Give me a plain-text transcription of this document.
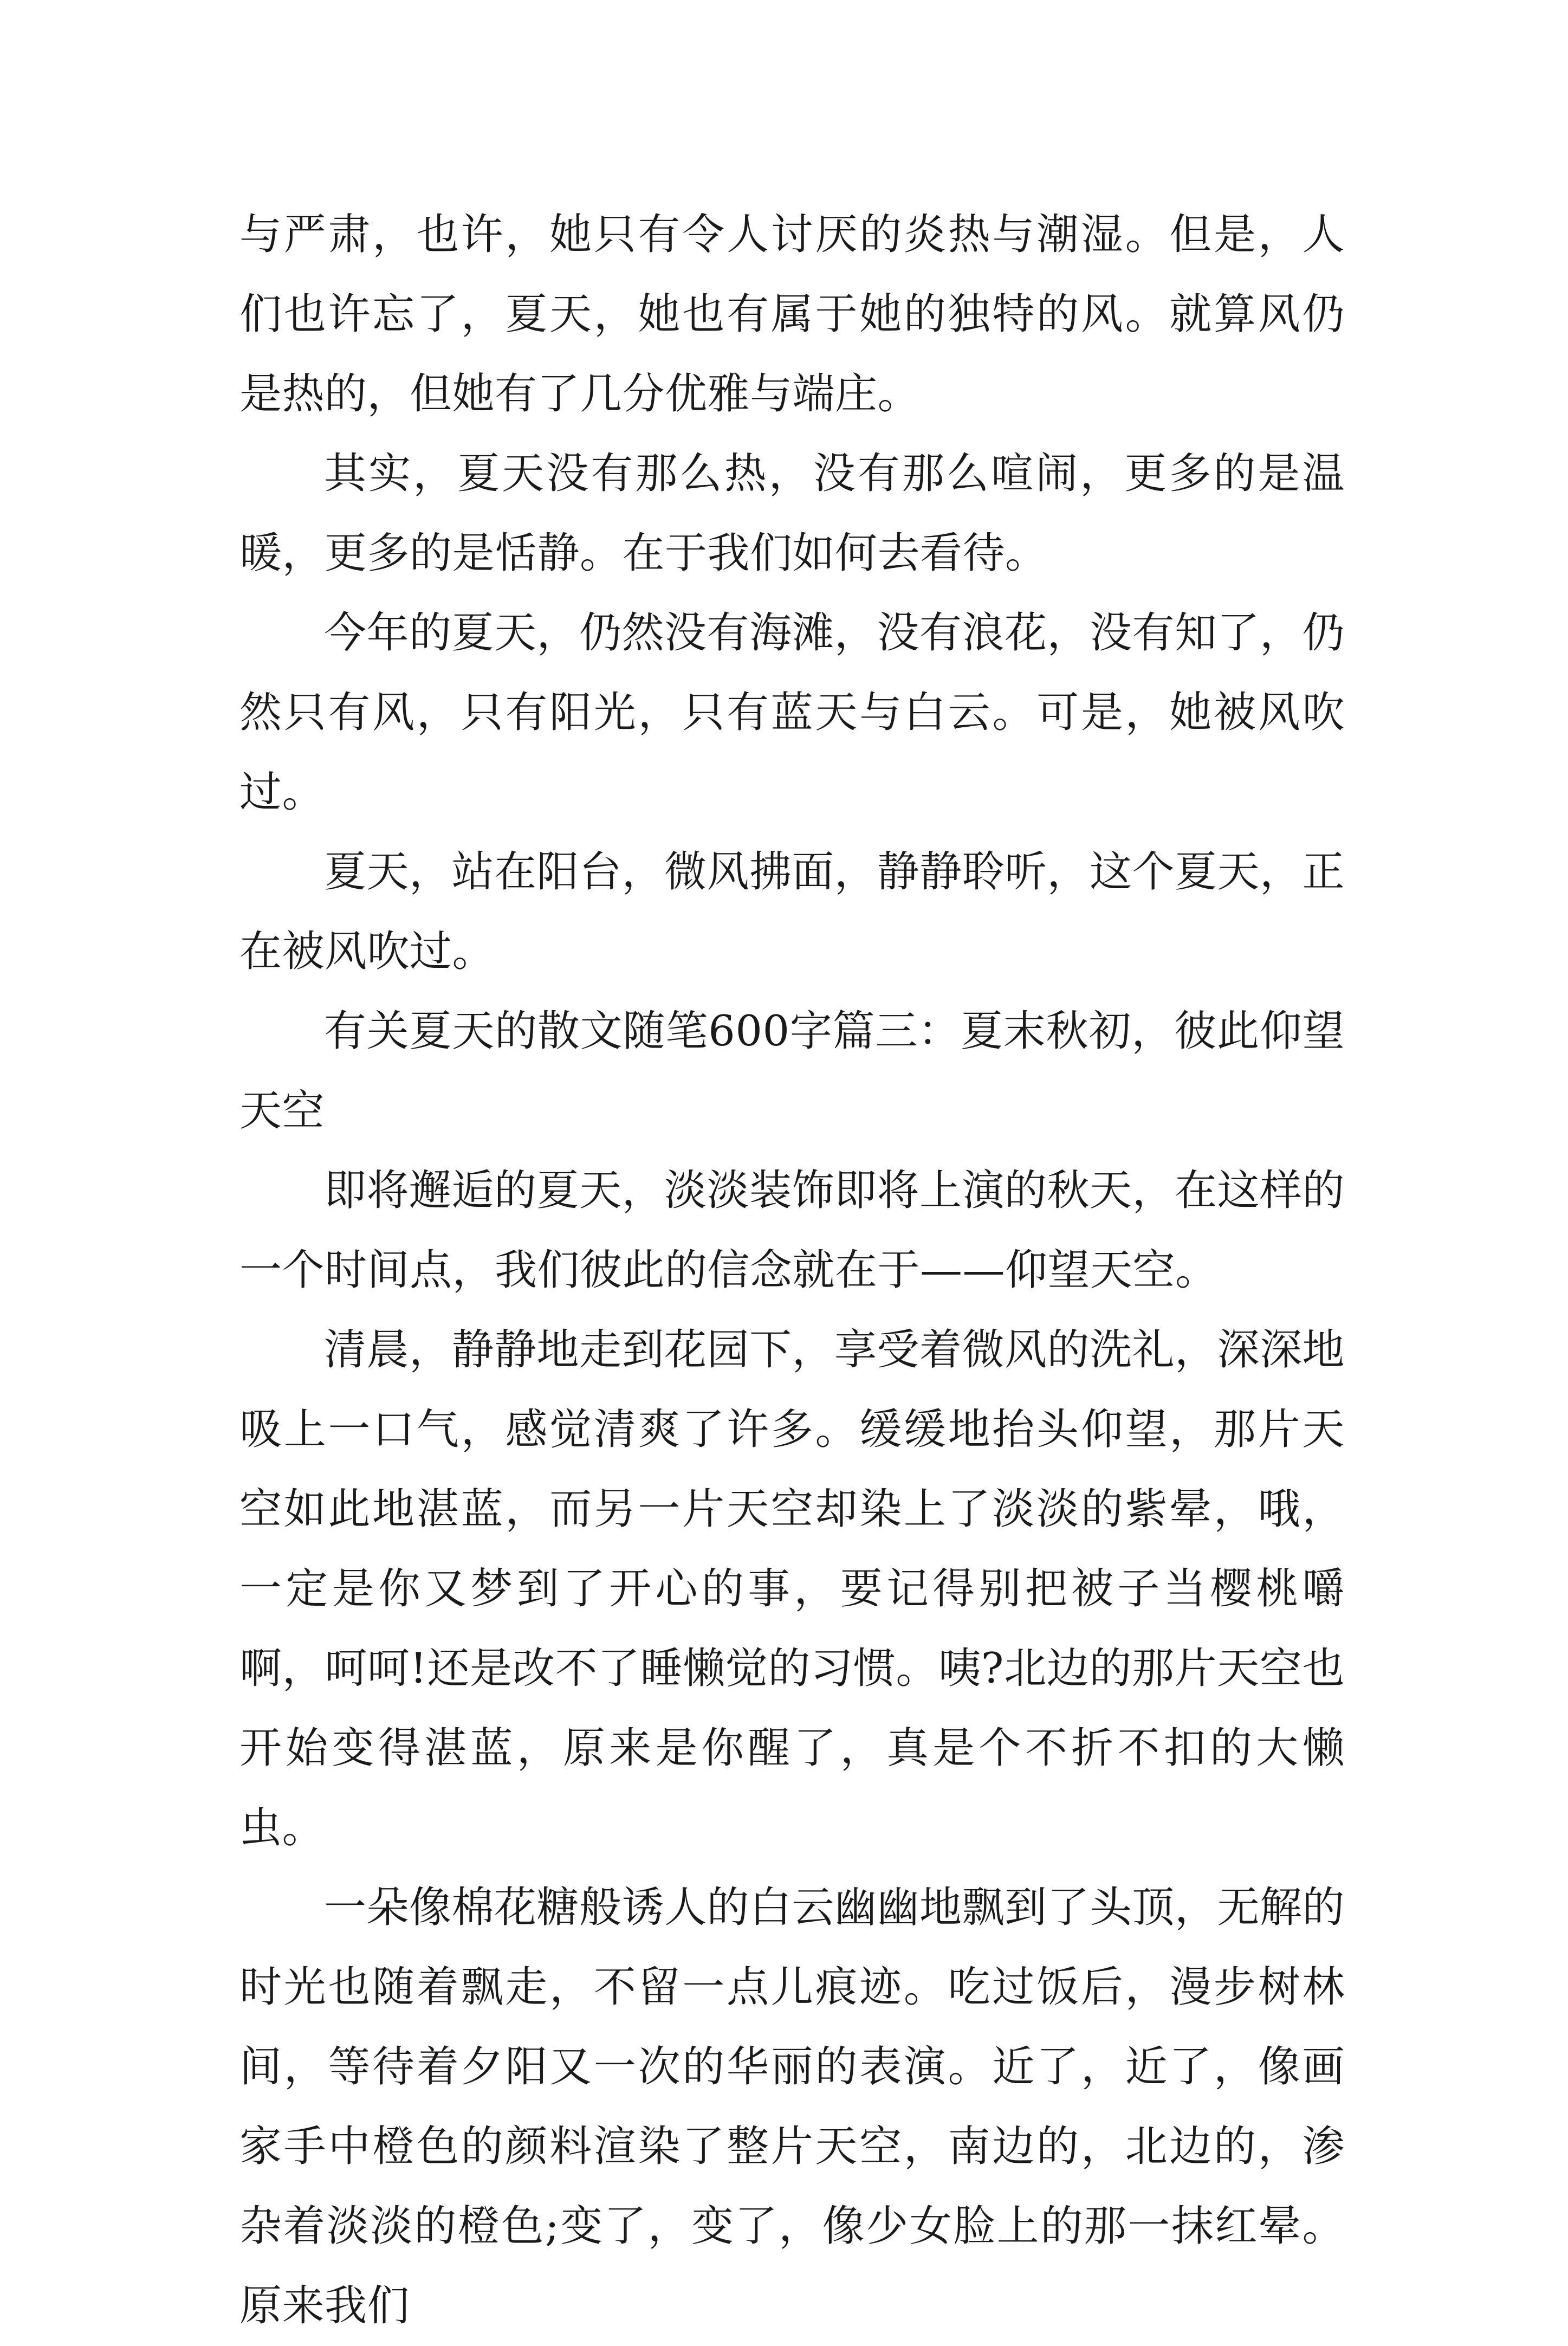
与严肃，也许，她只有令人讨厌的炎热与潮湿。但是，人们也许忘了，夏天，她也有属于她的独特的风。就算风仍是热的，但她有了几分优雅与端庄。

其实，夏天没有那么热，没有那么喧闹，更多的是温暖，更多的是恬静。在于我们如何去看待。

今年的夏天，仍然没有海滩，没有浪花，没有知了，仍然只有风，只有阳光，只有蓝天与白云。可是，她被风吹过。

夏天，站在阳台，微风拂面，静静聆听，这个夏天，正在被风吹过。

有关夏天的散文随笔600字篇三：夏末秋初，彼此仰望天空

即将邂逅的夏天，淡淡装饰即将上演的秋天，在这样的一个时间点，我们彼此的信念就在于——仰望天空。

清晨，静静地走到花园下，享受着微风的洗礼，深深地吸上一口气，感觉清爽了许多。缓缓地抬头仰望，那片天空如此地湛蓝，而另一片天空却染上了淡淡的紫晕，哦，一定是你又梦到了开心的事，要记得别把被子当樱桃嚼啊，呵呵!还是改不了睡懒觉的习惯。咦?北边的那片天空也开始变得湛蓝，原来是你醒了，真是个不折不扣的大懒虫。

一朵像棉花糖般诱人的白云幽幽地飘到了头顶，无解的时光也随着飘走，不留一点儿痕迹。吃过饭后，漫步树林间，等待着夕阳又一次的华丽的表演。近了，近了，像画家手中橙色的颜料渲染了整片天空，南边的，北边的，渗杂着淡淡的橙色;变了，变了，像少女脸上的那一抹红晕。原来我们
